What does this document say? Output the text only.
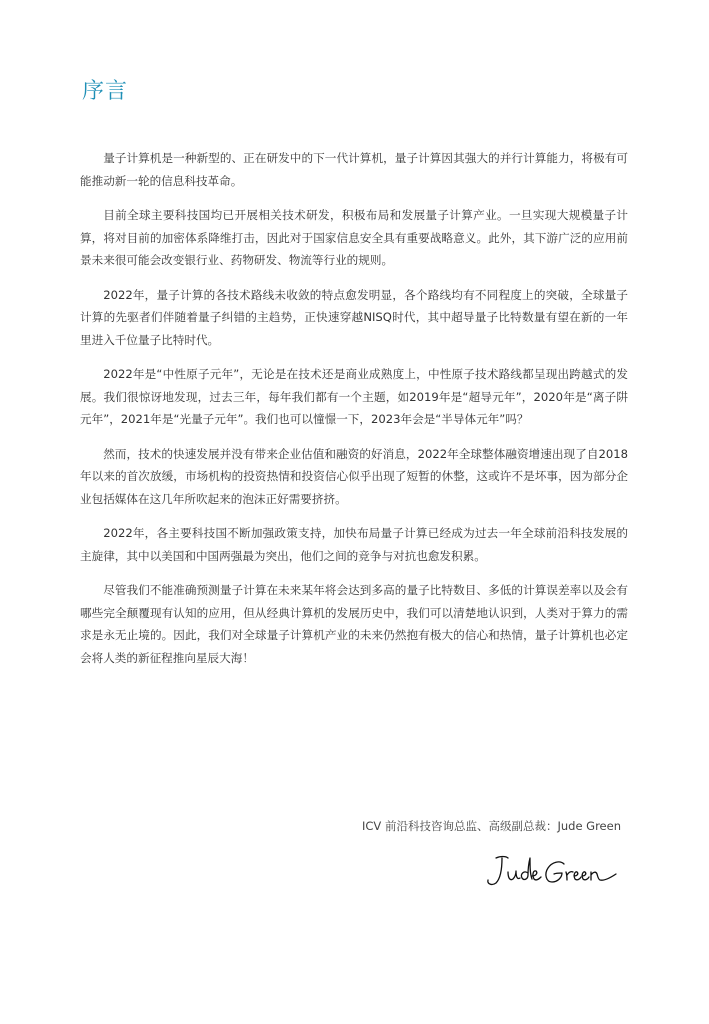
序言

量子计算机是一种新型的、正在研发中的下一代计算机，量子计算因其强大的并行计算能力，将极有可能推动新一轮的信息科技革命。

目前全球主要科技国均已开展相关技术研发，积极布局和发展量子计算产业。一旦实现大规模量子计算，将对目前的加密体系降维打击，因此对于国家信息安全具有重要战略意义。此外，其下游广泛的应用前景未来很可能会改变银行业、药物研发、物流等行业的规则。

2022年，量子计算的各技术路线未收敛的特点愈发明显，各个路线均有不同程度上的突破，全球量子计算的先驱者们伴随着量子纠错的主趋势，正快速穿越NISQ时代，其中超导量子比特数量有望在新的一年里进入千位量子比特时代。

2022年是“中性原子元年”，无论是在技术还是商业成熟度上，中性原子技术路线都呈现出跨越式的发展。我们很惊讶地发现，过去三年，每年我们都有一个主题，如2019年是“超导元年”，2020年是“离子阱元年”，2021年是“光量子元年”。我们也可以憧憬一下，2023年会是“半导体元年”吗？

然而，技术的快速发展并没有带来企业估值和融资的好消息，2022年全球整体融资增速出现了自2018年以来的首次放缓，市场机构的投资热情和投资信心似乎出现了短暂的休整，这或许不是坏事，因为部分企业包括媒体在这几年所吹起来的泡沫正好需要挤挤。

2022年，各主要科技国不断加强政策支持，加快布局量子计算已经成为过去一年全球前沿科技发展的主旋律，其中以美国和中国两强最为突出，他们之间的竞争与对抗也愈发积累。

尽管我们不能准确预测量子计算在未来某年将会达到多高的量子比特数目、多低的计算误差率以及会有哪些完全颠覆现有认知的应用，但从经典计算机的发展历史中，我们可以清楚地认识到，人类对于算力的需求是永无止境的。因此，我们对全球量子计算机产业的未来仍然抱有极大的信心和热情，量子计算机也必定会将人类的新征程推向星辰大海！

ICV 前沿科技咨询总监、高级副总裁：Jude Green
